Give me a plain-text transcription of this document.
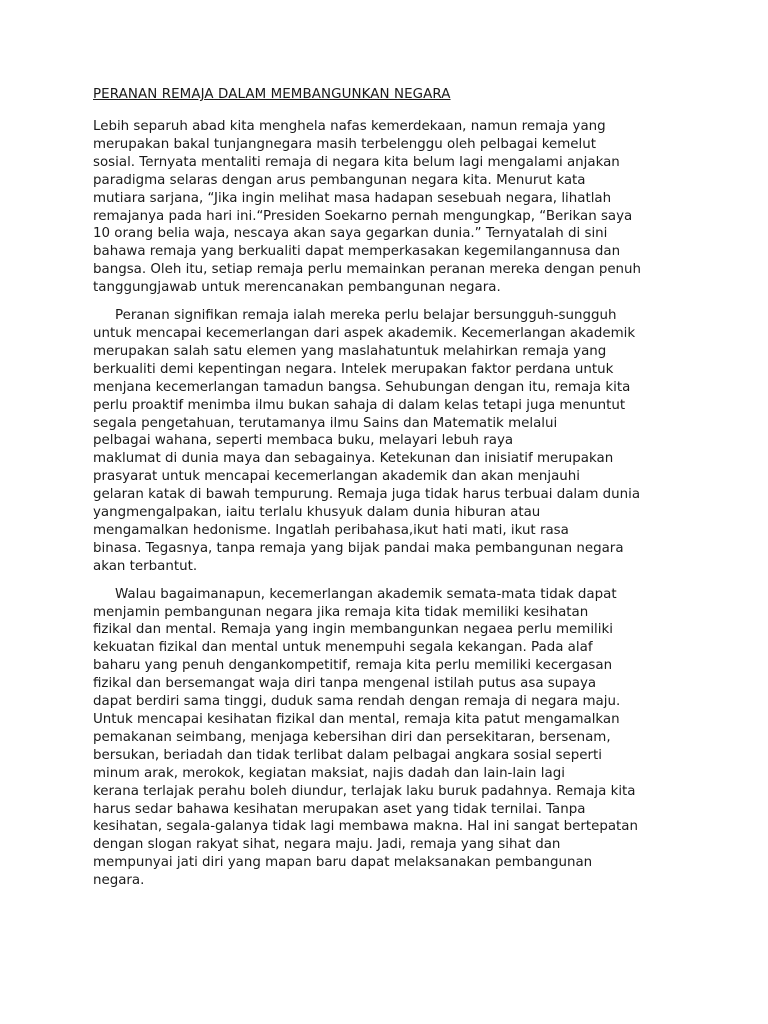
PERANAN REMAJA DALAM MEMBANGUNKAN NEGARA

Lebih separuh abad kita menghela nafas kemerdekaan, namun remaja yang
merupakan bakal tunjangnegara masih terbelenggu oleh pelbagai kemelut
sosial. Ternyata mentaliti remaja di negara kita belum lagi mengalami anjakan
paradigma selaras dengan arus pembangunan negara kita. Menurut kata
mutiara sarjana, “Jika ingin melihat masa hadapan sesebuah negara, lihatlah
remajanya pada hari ini.“Presiden Soekarno pernah mengungkap, “Berikan saya
10 orang belia waja, nescaya akan saya gegarkan dunia.” Ternyatalah di sini
bahawa remaja yang berkualiti dapat memperkasakan kegemilangannusa dan
bangsa. Oleh itu, setiap remaja perlu memainkan peranan mereka dengan penuh
tanggungjawab untuk merencanakan pembangunan negara.

Peranan signifikan remaja ialah mereka perlu belajar bersungguh-sungguh
untuk mencapai kecemerlangan dari aspek akademik. Kecemerlangan akademik
merupakan salah satu elemen yang maslahatuntuk melahirkan remaja yang
berkualiti demi kepentingan negara. Intelek merupakan faktor perdana untuk
menjana kecemerlangan tamadun bangsa. Sehubungan dengan itu, remaja kita
perlu proaktif menimba ilmu bukan sahaja di dalam kelas tetapi juga menuntut
segala pengetahuan, terutamanya ilmu Sains dan Matematik melalui
pelbagai wahana, seperti membaca buku, melayari lebuh raya
maklumat di dunia maya dan sebagainya. Ketekunan dan inisiatif merupakan
prasyarat untuk mencapai kecemerlangan akademik dan akan menjauhi
gelaran katak di bawah tempurung. Remaja juga tidak harus terbuai dalam dunia
yangmengalpakan, iaitu terlalu khusyuk dalam dunia hiburan atau
mengamalkan hedonisme. Ingatlah peribahasa,ikut hati mati, ikut rasa
binasa. Tegasnya, tanpa remaja yang bijak pandai maka pembangunan negara
akan terbantut.

Walau bagaimanapun, kecemerlangan akademik semata-mata tidak dapat
menjamin pembangunan negara jika remaja kita tidak memiliki kesihatan
fizikal dan mental. Remaja yang ingin membangunkan negaea perlu memiliki
kekuatan fizikal dan mental untuk menempuhi segala kekangan. Pada alaf
baharu yang penuh dengankompetitif, remaja kita perlu memiliki kecergasan
fizikal dan bersemangat waja diri tanpa mengenal istilah putus asa supaya
dapat berdiri sama tinggi, duduk sama rendah dengan remaja di negara maju.
Untuk mencapai kesihatan fizikal dan mental, remaja kita patut mengamalkan
pemakanan seimbang, menjaga kebersihan diri dan persekitaran, bersenam,
bersukan, beriadah dan tidak terlibat dalam pelbagai angkara sosial seperti
minum arak, merokok, kegiatan maksiat, najis dadah dan lain-lain lagi
kerana terlajak perahu boleh diundur, terlajak laku buruk padahnya. Remaja kita
harus sedar bahawa kesihatan merupakan aset yang tidak ternilai. Tanpa
kesihatan, segala-galanya tidak lagi membawa makna. Hal ini sangat bertepatan
dengan slogan rakyat sihat, negara maju. Jadi, remaja yang sihat dan
mempunyai jati diri yang mapan baru dapat melaksanakan pembangunan
negara.
